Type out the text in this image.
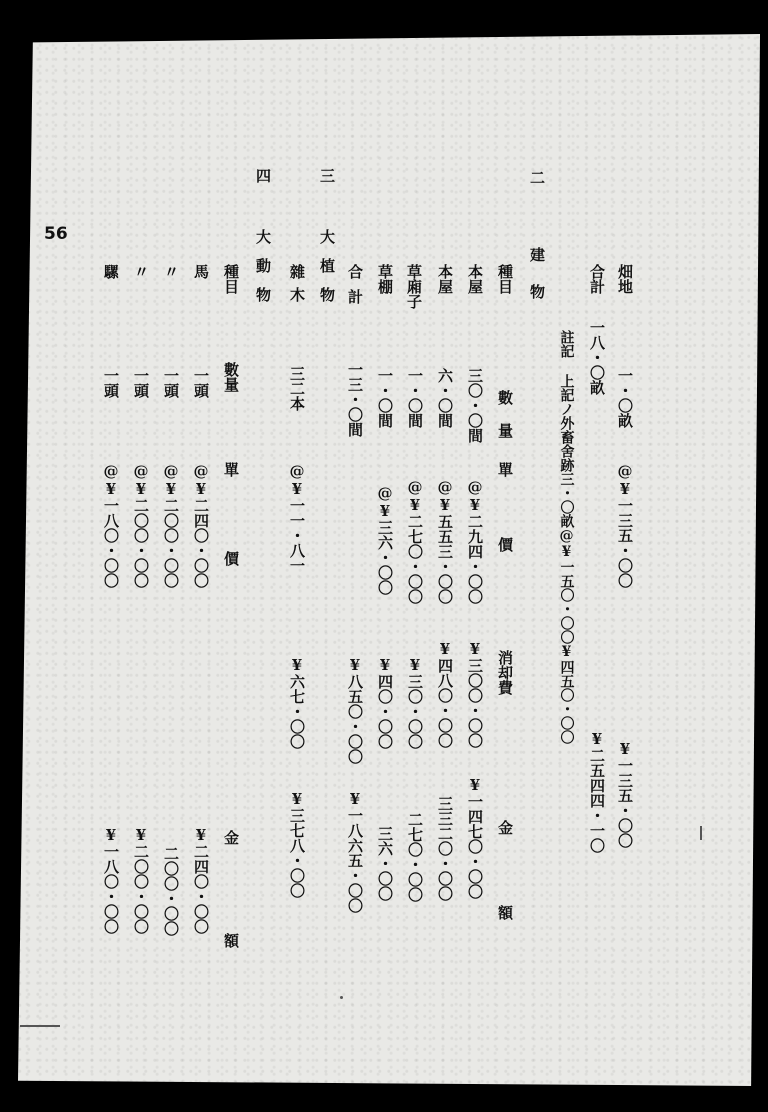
56
畑地
一・〇畝
@¥一三五・〇〇
¥一三五・〇〇
合計
一八・〇畝
¥二五四四・一〇
註記 上記ノ外畜舍跡三・〇畝@¥一五〇・〇〇¥四五〇・〇〇
二 建物
種目
數量
單價
消却費
金額
本屋
三〇・〇間
@¥二九四・〇〇
¥三〇〇・〇〇
¥一四七〇・〇〇
本屋
六・〇間
@¥五五三・〇〇
¥四八〇・〇〇
三三二〇・〇〇
草廂子
一・〇間
@¥二七〇・〇〇
¥三〇・〇〇
二七〇・〇〇
草棚
一・〇間
@¥三六・〇〇
¥四〇・〇〇
三六・〇〇
合計
一三・〇間
¥八五〇・〇〇
¥一八六五・〇〇
三 大植物
雜木
三二本
@¥一一・八一
¥六七・〇〇
¥三七八・〇〇
四 大動物
種目
數量
單價
金額
馬
一頭
@¥二四〇・〇〇
¥二四〇・〇〇
〃
一頭
@¥二〇〇・〇〇
二〇〇・〇〇
〃
一頭
@¥二〇〇・〇〇
¥二〇〇・〇〇
騾
一頭
@¥一八〇・〇〇
¥一八〇・〇〇
